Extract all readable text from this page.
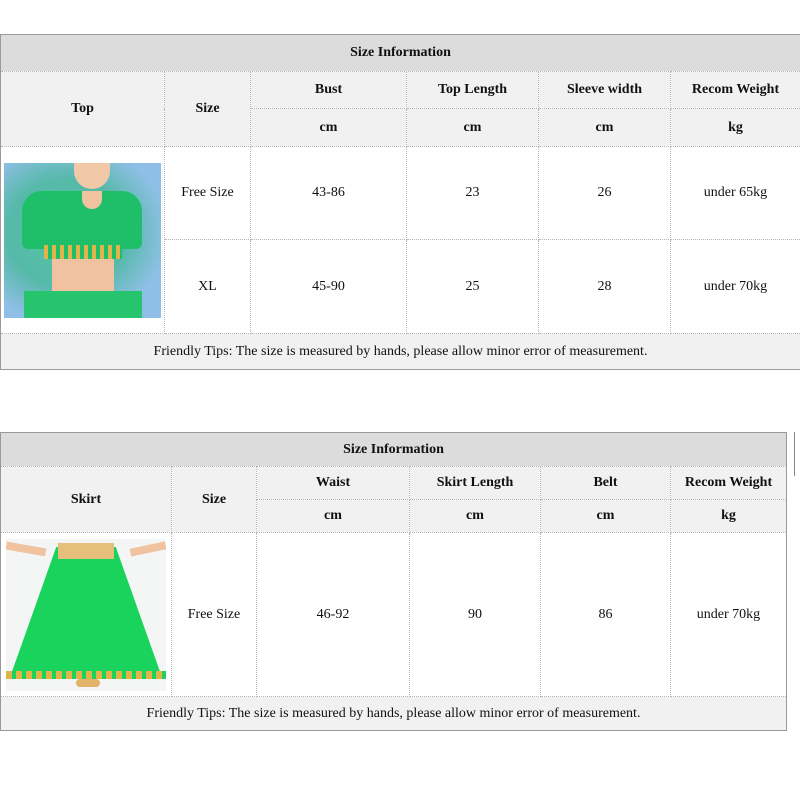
Size Information					
Top	Size	Bust	Top Length	Sleeve width	Recom Weight
		cm	cm	cm	kg

	Free Size	43-86	23	26	under 65kg
	XL	45-90	25	28	under 70kg
Friendly Tips: The size is measured by hands, please allow minor error of measurement.					
Size Information					
Skirt	Size	Waist	Skirt Length	Belt	Recom Weight
		cm	cm	cm	kg

	Free Size	46-92	90	86	under 70kg
Friendly Tips: The size is measured by hands, please allow minor error of measurement.					
